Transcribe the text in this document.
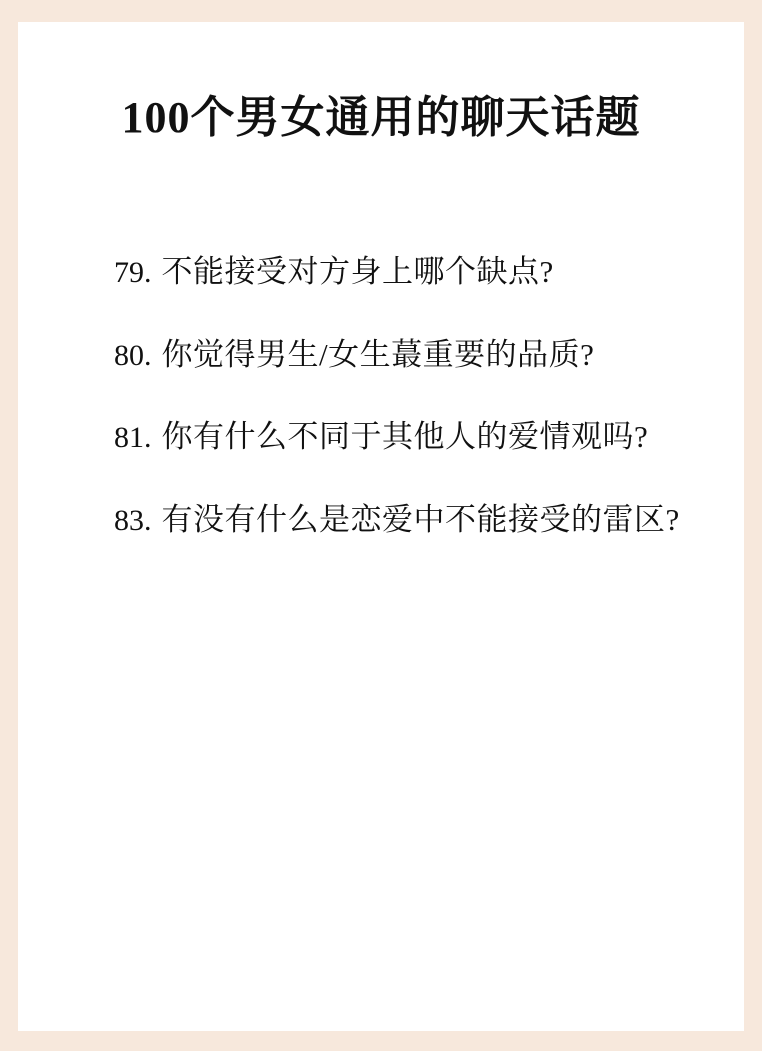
100个男女通用的聊天话题
79. 不能接受对方身上哪个缺点?
80. 你觉得男生/女生蕞重要的品质?
81. 你有什么不同于其他人的爱情观吗?
83. 有没有什么是恋爱中不能接受的雷区?
